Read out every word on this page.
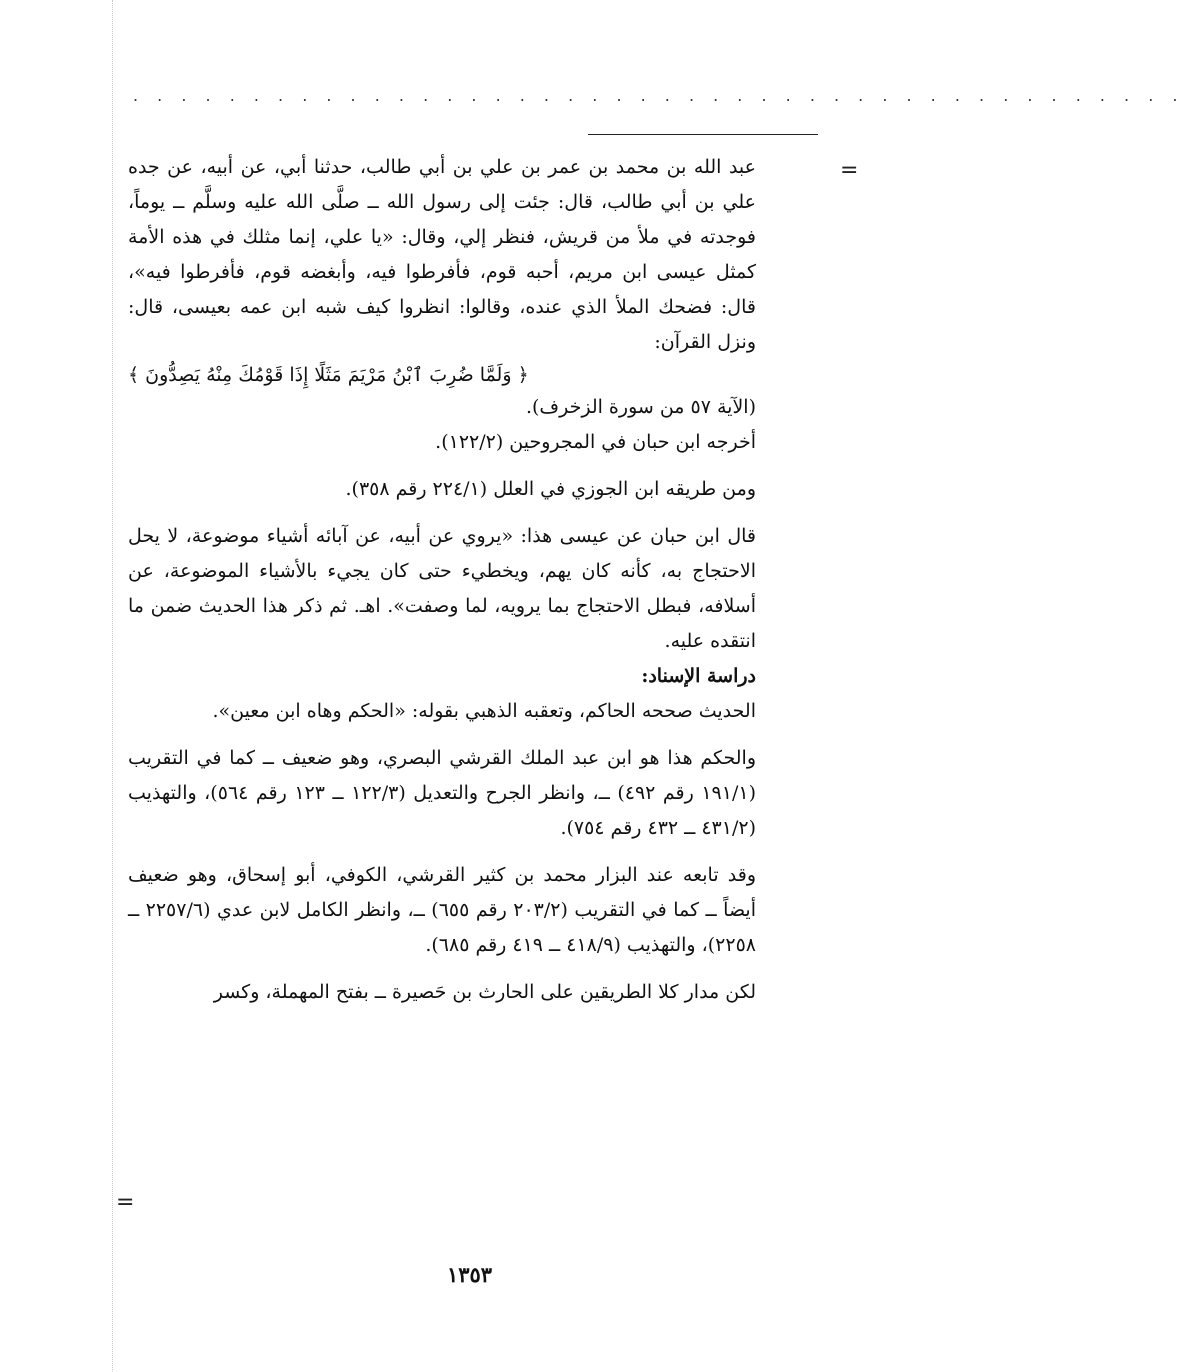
. . . . . . . . . . . . . . . . . . . . . . . . . . . . . . . . . . . . . . . . . . . .
=
=

عبد الله بن محمد بن عمر بن علي بن أبي طالب، حدثنا أبي، عن أبيه، عن جده علي بن أبي طالب، قال: جئت إلى رسول الله ــ صلَّى الله عليه وسلَّم ــ يوماً، فوجدته في ملأ من قريش، فنظر إلي، وقال: «يا علي، إنما مثلك في هذه الأمة كمثل عيسى ابن مريم، أحبه قوم، فأفرطوا فيه، وأبغضه قوم، فأفرطوا فيه»، قال: فضحك الملأ الذي عنده، وقالوا: انظروا كيف شبه ابن عمه بعيسى، قال: ونزل القرآن:

﴿ وَلَمَّا ضُرِبَ ٱبْنُ مَرْيَمَ مَثَلًا إِذَا قَوْمُكَ مِنْهُ يَصِدُّونَ ﴾

(الآية ٥٧ من سورة الزخرف).

أخرجه ابن حبان في المجروحين (١٢٢/٢).

ومن طريقه ابن الجوزي في العلل (٢٢٤/١ رقم ٣٥٨).

قال ابن حبان عن عيسى هذا: «يروي عن أبيه، عن آبائه أشياء موضوعة، لا يحل الاحتجاج به، كأنه كان يهم، ويخطيء حتى كان يجيء بالأشياء الموضوعة، عن أسلافه، فبطل الاحتجاج بما يرويه، لما وصفت». اهـ. ثم ذكر هذا الحديث ضمن ما انتقده عليه.

دراسة الإسناد:

الحديث صححه الحاكم، وتعقبه الذهبي بقوله: «الحكم وهاه ابن معين».

والحكم هذا هو ابن عبد الملك القرشي البصري، وهو ضعيف ــ كما في التقريب (١٩١/١ رقم ٤٩٢) ــ، وانظر الجرح والتعديل (١٢٢/٣ ــ ١٢٣ رقم ٥٦٤)، والتهذيب (٤٣١/٢ ــ ٤٣٢ رقم ٧٥٤).

وقد تابعه عند البزار محمد بن كثير القرشي، الكوفي، أبو إسحاق، وهو ضعيف أيضاً ــ كما في التقريب (٢٠٣/٢ رقم ٦٥٥) ــ، وانظر الكامل لابن عدي (٢٢٥٧/٦ ــ ٢٢٥٨)، والتهذيب (٤١٨/٩ ــ ٤١٩ رقم ٦٨٥).

لكن مدار كلا الطريقين على الحارث بن حَصيرة ــ بفتح المهملة، وكسر

١٣٥٣
